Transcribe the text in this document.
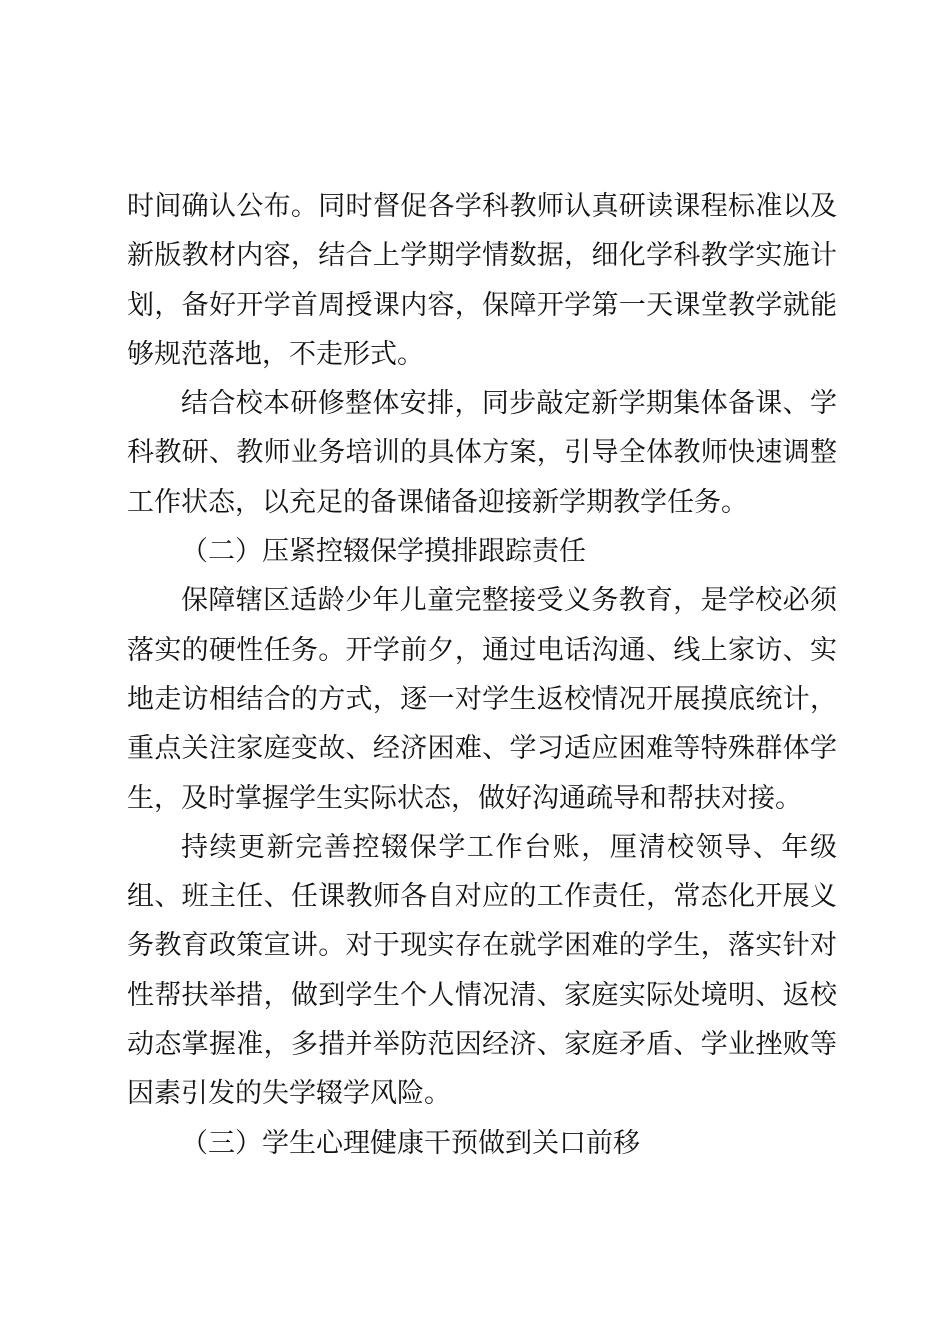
时间确认公布。同时督促各学科教师认真研读课程标准以及新版教材内容，结合上学期学情数据，细化学科教学实施计划，备好开学首周授课内容，保障开学第一天课堂教学就能够规范落地，不走形式。

结合校本研修整体安排，同步敲定新学期集体备课、学科教研、教师业务培训的具体方案，引导全体教师快速调整工作状态，以充足的备课储备迎接新学期教学任务。

（二）压紧控辍保学摸排跟踪责任

保障辖区适龄少年儿童完整接受义务教育，是学校必须落实的硬性任务。开学前夕，通过电话沟通、线上家访、实地走访相结合的方式，逐一对学生返校情况开展摸底统计，重点关注家庭变故、经济困难、学习适应困难等特殊群体学生，及时掌握学生实际状态，做好沟通疏导和帮扶对接。

持续更新完善控辍保学工作台账，厘清校领导、年级组、班主任、任课教师各自对应的工作责任，常态化开展义务教育政策宣讲。对于现实存在就学困难的学生，落实针对性帮扶举措，做到学生个人情况清、家庭实际处境明、返校动态掌握准，多措并举防范因经济、家庭矛盾、学业挫败等因素引发的失学辍学风险。

（三）学生心理健康干预做到关口前移
